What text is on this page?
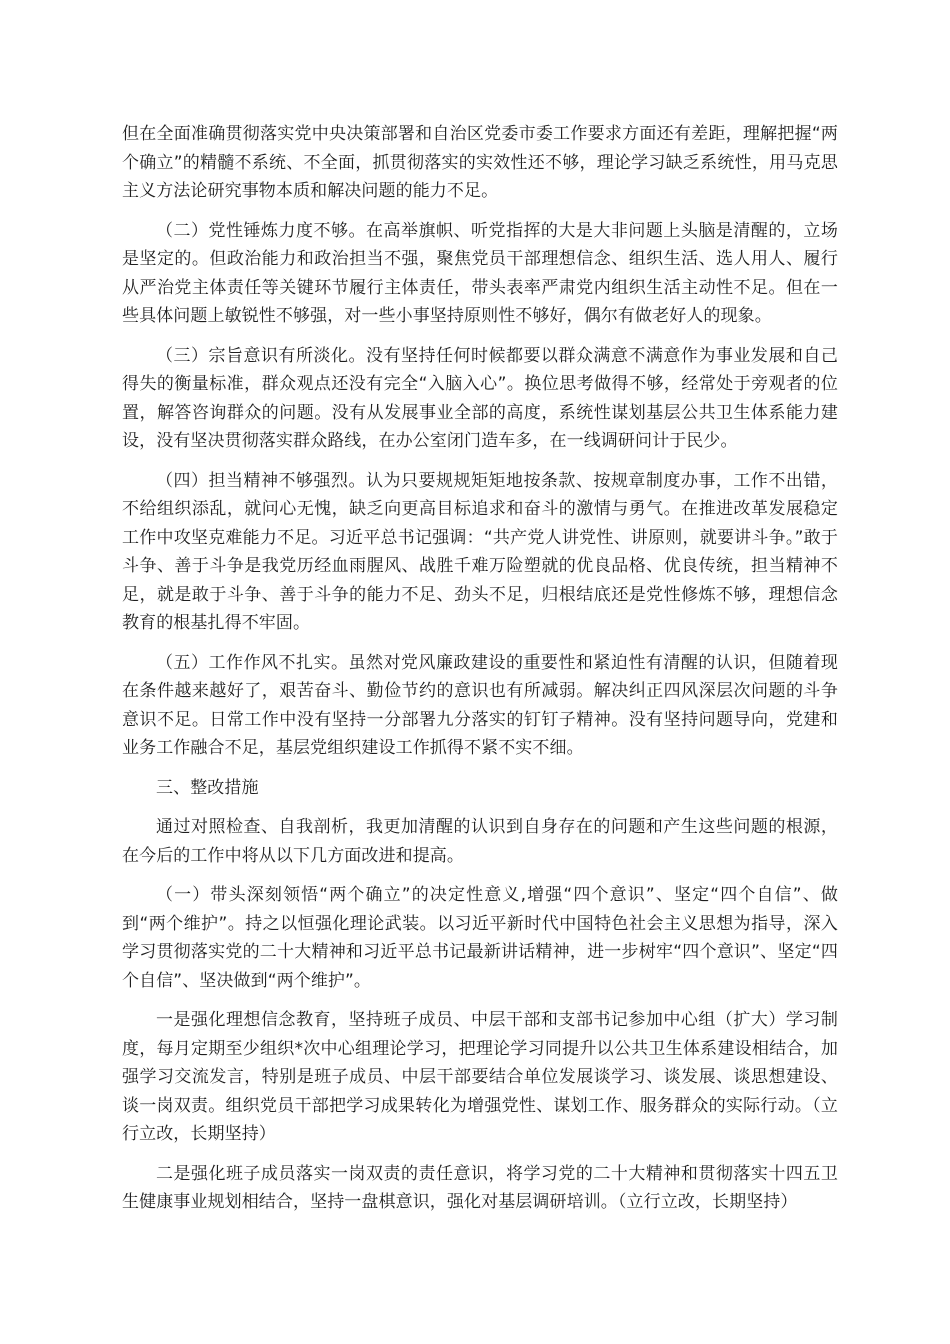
但在全面准确贯彻落实党中央决策部署和自治区党委市委工作要求方面还有差距，理解把握“两个确立”的精髓不系统、不全面，抓贯彻落实的实效性还不够，理论学习缺乏系统性，用马克思主义方法论研究事物本质和解决问题的能力不足。

（二）党性锤炼力度不够。在高举旗帜、听党指挥的大是大非问题上头脑是清醒的，立场是坚定的。但政治能力和政治担当不强，聚焦党员干部理想信念、组织生活、选人用人、履行从严治党主体责任等关键环节履行主体责任，带头表率严肃党内组织生活主动性不足。但在一些具体问题上敏锐性不够强，对一些小事坚持原则性不够好，偶尔有做老好人的现象。

（三）宗旨意识有所淡化。没有坚持任何时候都要以群众满意不满意作为事业发展和自己得失的衡量标准，群众观点还没有完全“入脑入心”。换位思考做得不够，经常处于旁观者的位置，解答咨询群众的问题。没有从发展事业全部的高度，系统性谋划基层公共卫生体系能力建设，没有坚决贯彻落实群众路线，在办公室闭门造车多，在一线调研问计于民少。

（四）担当精神不够强烈。认为只要规规矩矩地按条款、按规章制度办事，工作不出错，不给组织添乱，就问心无愧，缺乏向更高目标追求和奋斗的激情与勇气。在推进改革发展稳定工作中攻坚克难能力不足。习近平总书记强调：“共产党人讲党性、讲原则，就要讲斗争。”敢于斗争、善于斗争是我党历经血雨腥风、战胜千难万险塑就的优良品格、优良传统，担当精神不足，就是敢于斗争、善于斗争的能力不足、劲头不足，归根结底还是党性修炼不够，理想信念教育的根基扎得不牢固。

（五）工作作风不扎实。虽然对党风廉政建设的重要性和紧迫性有清醒的认识，但随着现在条件越来越好了，艰苦奋斗、勤俭节约的意识也有所减弱。解决纠正四风深层次问题的斗争意识不足。日常工作中没有坚持一分部署九分落实的钉钉子精神。没有坚持问题导向，党建和业务工作融合不足，基层党组织建设工作抓得不紧不实不细。

三、整改措施

通过对照检查、自我剖析，我更加清醒的认识到自身存在的问题和产生这些问题的根源，在今后的工作中将从以下几方面改进和提高。

（一）带头深刻领悟“两个确立”的决定性意义,增强“四个意识”、坚定“四个自信”、做到“两个维护”。持之以恒强化理论武装。以习近平新时代中国特色社会主义思想为指导，深入学习贯彻落实党的二十大精神和习近平总书记最新讲话精神，进一步树牢“四个意识”、坚定“四个自信”、坚决做到“两个维护”。

一是强化理想信念教育，坚持班子成员、中层干部和支部书记参加中心组（扩大）学习制度，每月定期至少组织*次中心组理论学习，把理论学习同提升以公共卫生体系建设相结合，加强学习交流发言，特别是班子成员、中层干部要结合单位发展谈学习、谈发展、谈思想建设、谈一岗双责。组织党员干部把学习成果转化为增强党性、谋划工作、服务群众的实际行动。（立行立改，长期坚持）

二是强化班子成员落实一岗双责的责任意识，将学习党的二十大精神和贯彻落实十四五卫生健康事业规划相结合，坚持一盘棋意识，强化对基层调研培训。（立行立改，长期坚持）
